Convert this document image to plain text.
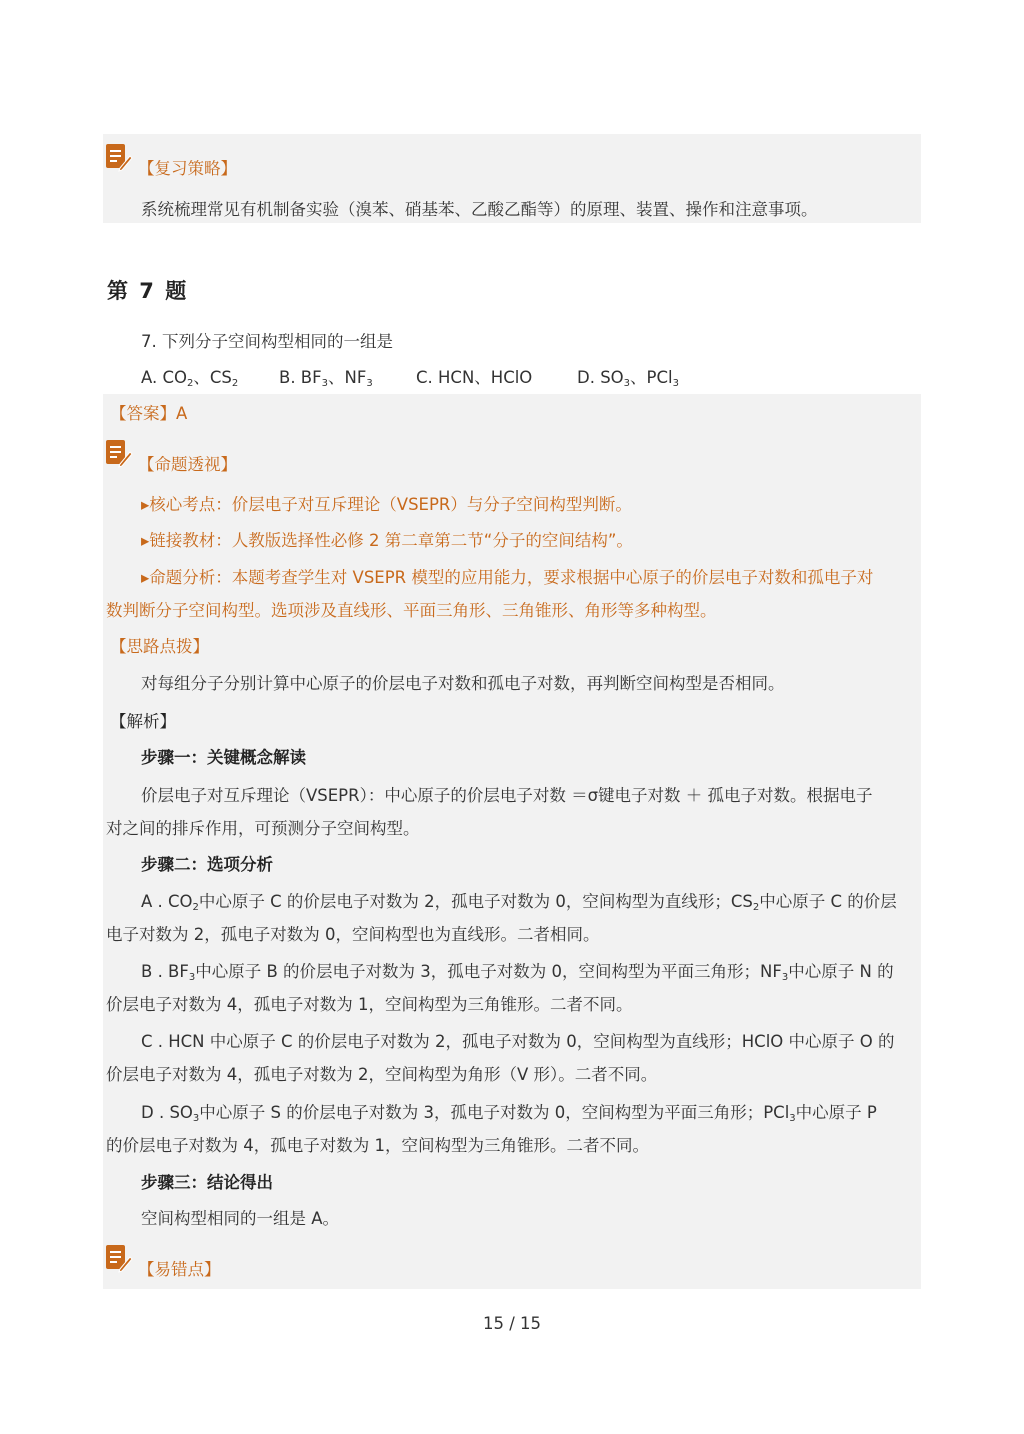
【复习策略】
系统梳理常见有机制备实验（溴苯、硝基苯、乙酸乙酯等）的原理、装置、操作和注意事项。
第 7 题
7. 下列分子空间构型相同的一组是
A. $CO_2$、$CS_2$ B. $BF_3$、$NF_3$	C. HCN、HClO	D. $SO_3$、PCl$_3$
【答案】A
【命题透视】
▸核心考点：价层电子对互斥理论（VSEPR）与分子空间构型判断。
▸链接教材：人教版选择性必修 2 第二章第二节“分子的空间结构”。
▸命题分析：本题考查学生对 VSEPR 模型的应用能力，要求根据中心原子的价层电子对数和孤电子对
数判断分子空间构型。选项涉及直线形、平面三角形、三角锥形、角形等多种构型。
【思路点拨】
对每组分子分别计算中心原子的价层电子对数和孤电子对数，再判断空间构型是否相同。
【解析】
步骤一：关键概念解读
价层电子对互斥理论（VSEPR）：中心原子的价层电子对数 ＝σ键电子对数 ＋ 孤电子对数。根据电子
对之间的排斥作用，可预测分子空间构型。
步骤二：选项分析
A . $CO_2$中心原子 C 的价层电子对数为 2，孤电子对数为 0，空间构型为直线形；$CS_2$中心原子 C 的价层
电子对数为 2，孤电子对数为 0，空间构型也为直线形。二者相同。
B . $BF_3$中心原子 B 的价层电子对数为 3，孤电子对数为 0，空间构型为平面三角形；$NF_3$中心原子 N 的
价层电子对数为 4，孤电子对数为 1，空间构型为三角锥形。二者不同。
C . HCN 中心原子 C 的价层电子对数为 2，孤电子对数为 0，空间构型为直线形；HClO 中心原子 O 的
价层电子对数为 4，孤电子对数为 2，空间构型为角形（V 形）。二者不同。
D . $SO_3$中心原子 S 的价层电子对数为 3，孤电子对数为 0，空间构型为平面三角形；PCl$_3$中心原子 P
的价层电子对数为 4，孤电子对数为 1，空间构型为三角锥形。二者不同。
步骤三：结论得出
空间构型相同的一组是 A。
【易错点】
15 / 15
